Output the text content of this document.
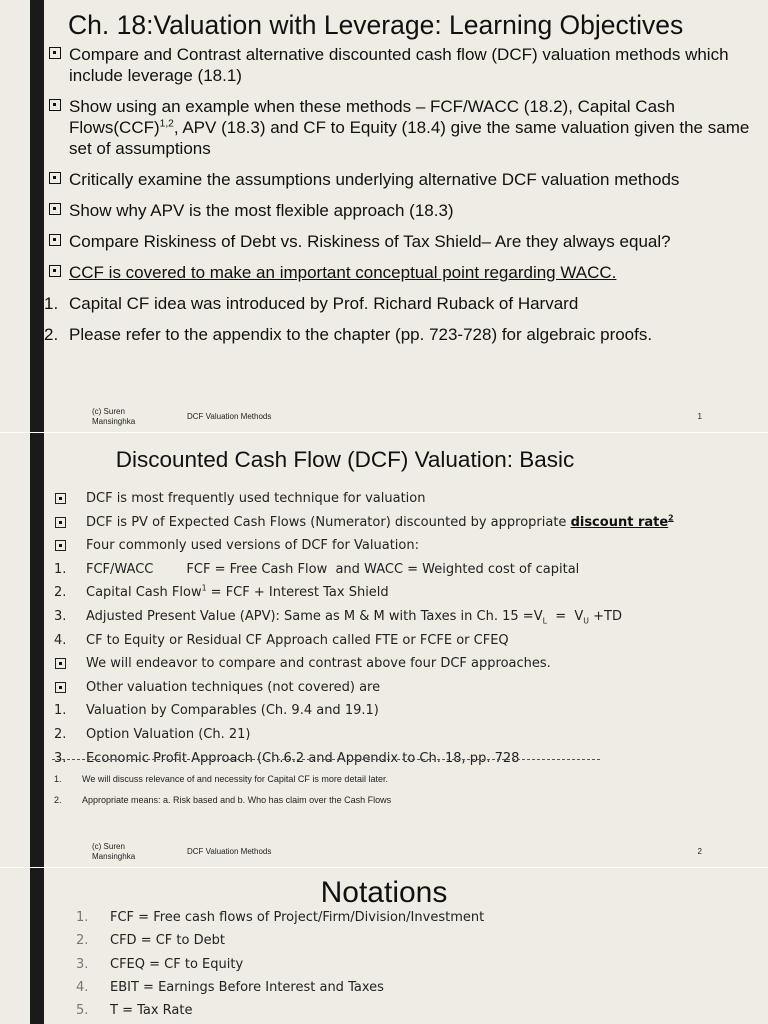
Ch. 18:Valuation with Leverage: Learning Objectives
Compare and Contrast alternative discounted cash flow (DCF) valuation methods which include leverage (18.1)
Show using an example when these methods – FCF/WACC (18.2), Capital Cash Flows(CCF)$^{1,2}$, APV (18.3) and CF to Equity (18.4) give the same valuation given the same set of assumptions
Critically examine the assumptions underlying alternative DCF valuation methods
Show why APV is the most flexible approach (18.3)
Compare Riskiness of Debt vs. Riskiness of Tax Shield– Are they always equal?
CCF is covered to make an important conceptual point regarding WACC.
1. Capital CF idea was introduced by Prof. Richard Ruback of Harvard
2. Please refer to the appendix to the chapter (pp. 723-728) for algebraic proofs.
(c) Suren Mansinghka
DCF Valuation Methods	1
Discounted Cash Flow (DCF) Valuation: Basic
DCF is most frequently used technique for valuation
DCF is PV of Expected Cash Flows (Numerator) discounted by appropriate discount rate$^2$
Four commonly used versions of DCF for Valuation:
1. FCF/WACC        FCF = Free Cash Flow  and WACC = Weighted cost of capital
2. Capital Cash Flow$^1$ = FCF + Interest Tax Shield
3. Adjusted Present Value (APV): Same as M & M with Taxes in Ch. $15 =V_L = V_U +TD$
4. CF to Equity or Residual CF Approach called FTE or FCFE or CFEQ
We will endeavor to compare and contrast above four DCF approaches.
Other valuation techniques (not covered) are
1. Valuation by Comparables (Ch. 9.4 and 19.1)
2. Option Valuation (Ch. 21)
3. Economic Profit Approach (Ch.6.2 and Appendix to Ch. 18, pp. 728
1. We will discuss relevance of and necessity for Capital CF is more detail later.
2. Appropriate means: a. Risk based and b. Who has claim over the Cash Flows
(c) Suren Mansinghka
DCF Valuation Methods	2
Notations
1. FCF = Free cash flows of Project/Firm/Division/Investment
2. CFD = CF to Debt
3. CFEQ = CF to Equity
4. EBIT = Earnings Before Interest and Taxes
5. T = Tax Rate
